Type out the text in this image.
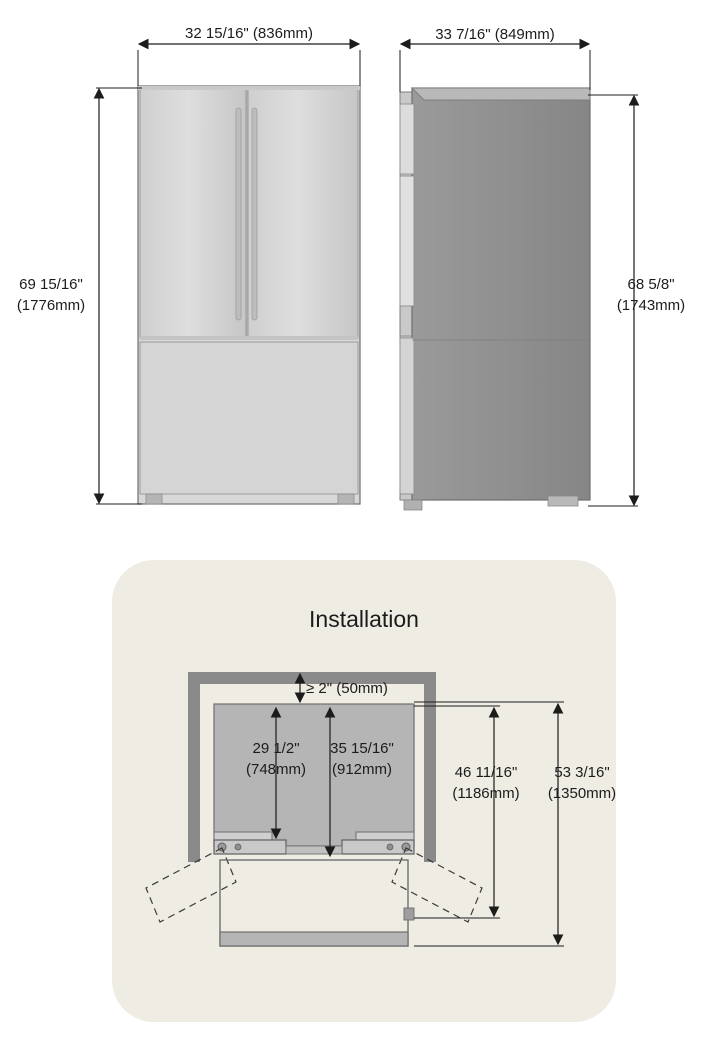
32 15/16" (836mm)	33 7/16" (849mm)
69 15/16"
(1776mm)
68 5/8"
(1743mm)
Installation
≥ 2" (50mm)
29 1/2"
(748mm)
35 15/16"
(912mm)	46 11/16"
(1186mm)
53 3/16"
(1350mm)
